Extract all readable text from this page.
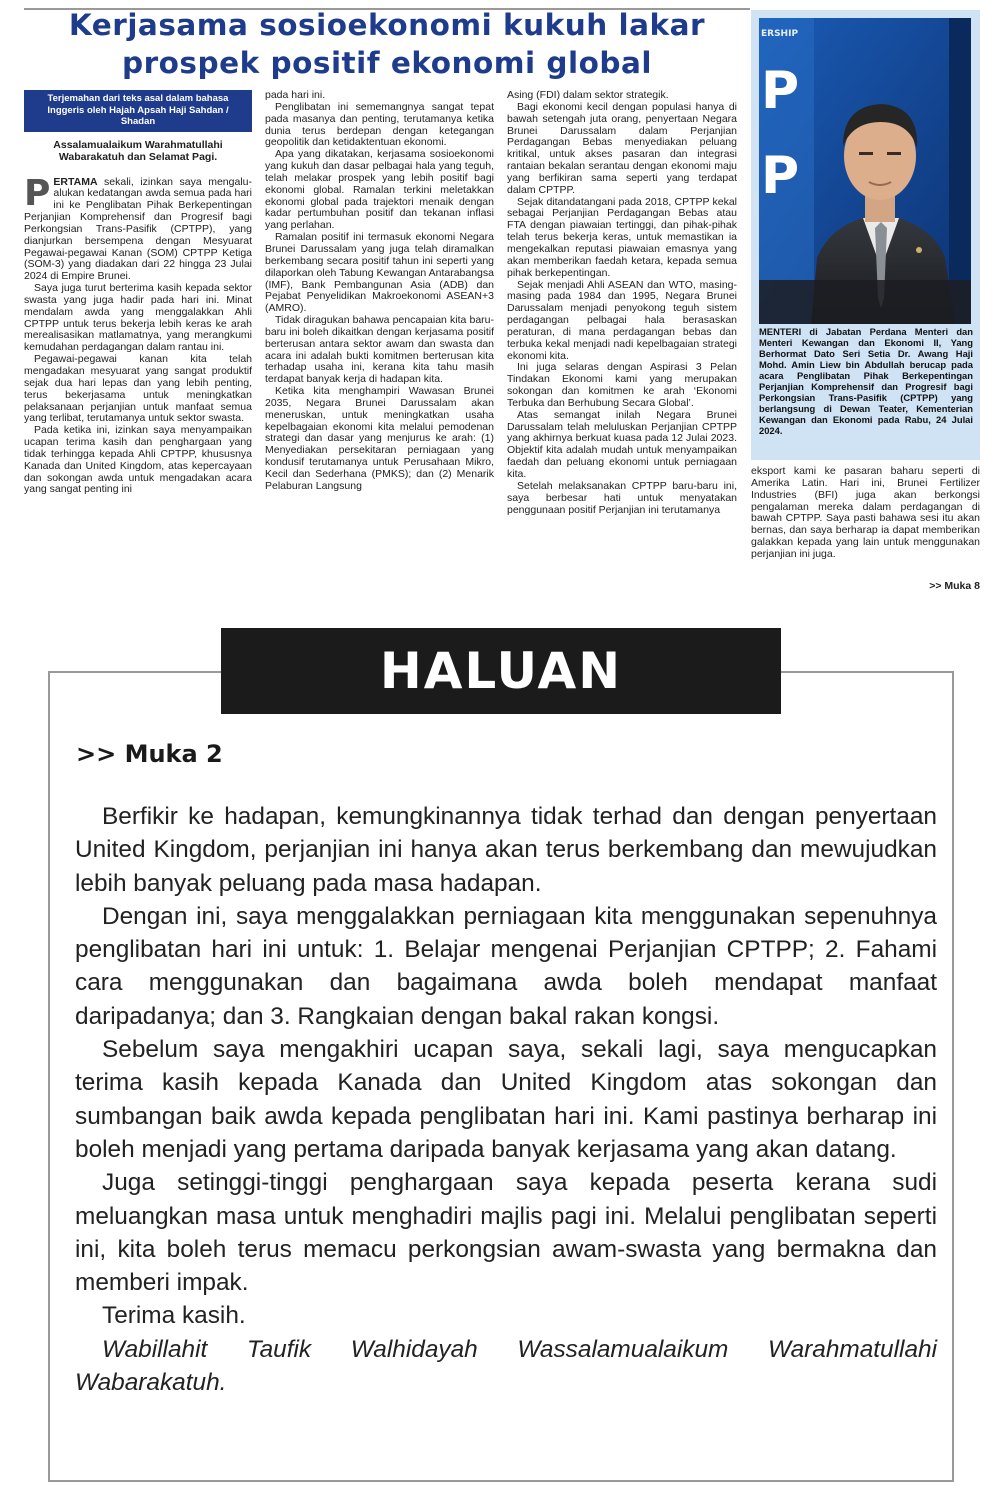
Kerjasama sosioekonomi kukuh lakar
prospek positif ekonomi global
Terjemahan dari teks asal dalam bahasa Inggeris oleh Hajah Apsah Haji Sahdan / Shadan
Assalamualaikum Warahmatullahi
Wabarakatuh dan Selamat Pagi.

PERTAMA sekali, izinkan saya mengalu-alukan kedatangan awda semua pada hari ini ke Penglibatan Pihak Berkepentingan Perjanjian Komprehensif dan Progresif bagi Perkongsian Trans-Pasifik (CPTPP), yang dianjurkan bersempena dengan Mesyuarat Pegawai-pegawai Kanan (SOM) CPTPP Ketiga (SOM-3) yang diadakan dari 22 hingga 23 Julai 2024 di Empire Brunei.

Saya juga turut berterima kasih kepada sektor swasta yang juga hadir pada hari ini. Minat mendalam awda yang menggalakkan Ahli CPTPP untuk terus bekerja lebih keras ke arah merealisasikan matlamatnya, yang merangkumi kemudahan perdagangan dalam rantau ini.

Pegawai-pegawai kanan kita telah mengadakan mesyuarat yang sangat produktif sejak dua hari lepas dan yang lebih penting, terus bekerjasama untuk meningkatkan pelaksanaan perjanjian untuk manfaat semua yang terlibat, terutamanya untuk sektor swasta.

Pada ketika ini, izinkan saya menyampaikan ucapan terima kasih dan penghargaan yang tidak terhingga kepada Ahli CPTPP, khususnya Kanada dan United Kingdom, atas kepercayaan dan sokongan awda untuk mengadakan acara yang sangat penting ini

pada hari ini.

Penglibatan ini sememangnya sangat tepat pada masanya dan penting, terutamanya ketika dunia terus berdepan dengan ketegangan geopolitik dan ketidaktentuan ekonomi.

Apa yang dikatakan, kerjasama sosioekonomi yang kukuh dan dasar pelbagai hala yang teguh, telah melakar prospek yang lebih positif bagi ekonomi global. Ramalan terkini meletakkan ekonomi global pada trajektori menaik dengan kadar pertumbuhan positif dan tekanan inflasi yang perlahan.

Ramalan positif ini termasuk ekonomi Negara Brunei Darussalam yang juga telah diramalkan berkembang secara positif tahun ini seperti yang dilaporkan oleh Tabung Kewangan Antarabangsa (IMF), Bank Pembangunan Asia (ADB) dan Pejabat Penyelidikan Makroekonomi ASEAN+3 (AMRO).

Tidak diragukan bahawa pencapaian kita baru-baru ini boleh dikaitkan dengan kerjasama positif berterusan antara sektor awam dan swasta dan acara ini adalah bukti komitmen berterusan kita terhadap usaha ini, kerana kita tahu masih terdapat banyak kerja di hadapan kita.

Ketika kita menghampiri Wawasan Brunei 2035, Negara Brunei Darussalam akan meneruskan, untuk meningkatkan usaha kepelbagaian ekonomi kita melalui pemodenan strategi dan dasar yang menjurus ke arah: (1) Menyediakan persekitaran perniagaan yang kondusif terutamanya untuk Perusahaan Mikro, Kecil dan Sederhana (PMKS); dan (2) Menarik Pelaburan Langsung

Asing (FDI) dalam sektor strategik.

Bagi ekonomi kecil dengan populasi hanya di bawah setengah juta orang, penyertaan Negara Brunei Darussalam dalam Perjanjian Perdagangan Bebas menyediakan peluang kritikal, untuk akses pasaran dan integrasi rantaian bekalan serantau dengan ekonomi maju yang berfikiran sama seperti yang terdapat dalam CPTPP.

Sejak ditandatangani pada 2018, CPTPP kekal sebagai Perjanjian Perdagangan Bebas atau FTA dengan piawaian tertinggi, dan pihak-pihak telah terus bekerja keras, untuk memastikan ia mengekalkan reputasi piawaian emasnya yang akan memberikan faedah ketara, kepada semua pihak berkepentingan.

Sejak menjadi Ahli ASEAN dan WTO, masing-masing pada 1984 dan 1995, Negara Brunei Darussalam menjadi penyokong teguh sistem perdagangan pelbagai hala berasaskan peraturan, di mana perdagangan bebas dan terbuka kekal menjadi nadi kepelbagaian strategi ekonomi kita.

Ini juga selaras dengan Aspirasi 3 Pelan Tindakan Ekonomi kami yang merupakan sokongan dan komitmen ke arah ‘Ekonomi Terbuka dan Berhubung Secara Global’.

Atas semangat inilah Negara Brunei Darussalam telah meluluskan Perjanjian CPTPP yang akhirnya berkuat kuasa pada 12 Julai 2023. Objektif kita adalah mudah untuk menyampaikan faedah dan peluang ekonomi untuk perniagaan kita.

Setelah melaksanakan CPTPP baru-baru ini, saya berbesar hati untuk menyatakan penggunaan positif Perjanjian ini terutamanya

P
P
ERSHIP
MENTERI di Jabatan Perdana Menteri dan Menteri Kewangan dan Ekonomi II, Yang Berhormat Dato Seri Setia Dr. Awang Haji Mohd. Amin Liew bin Abdullah berucap pada acara Penglibatan Pihak Berkepentingan Perjanjian Komprehensif dan Progresif bagi Perkongsian Trans-Pasifik (CPTPP) yang berlangsung di Dewan Teater, Kementerian Kewangan dan Ekonomi pada Rabu, 24 Julai 2024.
eksport kami ke pasaran baharu seperti di Amerika Latin. Hari ini, Brunei Fertilizer Industries (BFI) juga akan berkongsi pengalaman mereka dalam perdagangan di bawah CPTPP. Saya pasti bahawa sesi itu akan bernas, dan saya berharap ia dapat memberikan galakkan kepada yang lain untuk menggunakan perjanjian ini juga.
>> Muka 8
HALUAN
>> Muka 2

Berfikir ke hadapan, kemungkinannya tidak terhad dan dengan penyertaan United Kingdom, perjanjian ini hanya akan terus berkembang dan mewujudkan lebih banyak peluang pada masa hadapan.

Dengan ini, saya menggalakkan perniagaan kita menggunakan sepenuhnya penglibatan hari ini untuk: 1. Belajar mengenai Perjanjian CPTPP; 2. Fahami cara menggunakan dan bagaimana awda boleh mendapat manfaat daripadanya; dan 3. Rangkaian dengan bakal rakan kongsi.

Sebelum saya mengakhiri ucapan saya, sekali lagi, saya mengucapkan terima kasih kepada Kanada dan United Kingdom atas sokongan dan sumbangan baik awda kepada penglibatan hari ini. Kami pastinya berharap ini boleh menjadi yang pertama daripada banyak kerjasama yang akan datang.

Juga setinggi-tinggi penghargaan saya kepada peserta kerana sudi meluangkan masa untuk menghadiri majlis pagi ini. Melalui penglibatan seperti ini, kita boleh terus memacu perkongsian awam-swasta yang bermakna dan memberi impak.

Terima kasih.

Wabillahit Taufik Walhidayah Wassalamualaikum Warahmatullahi Wabarakatuh.
